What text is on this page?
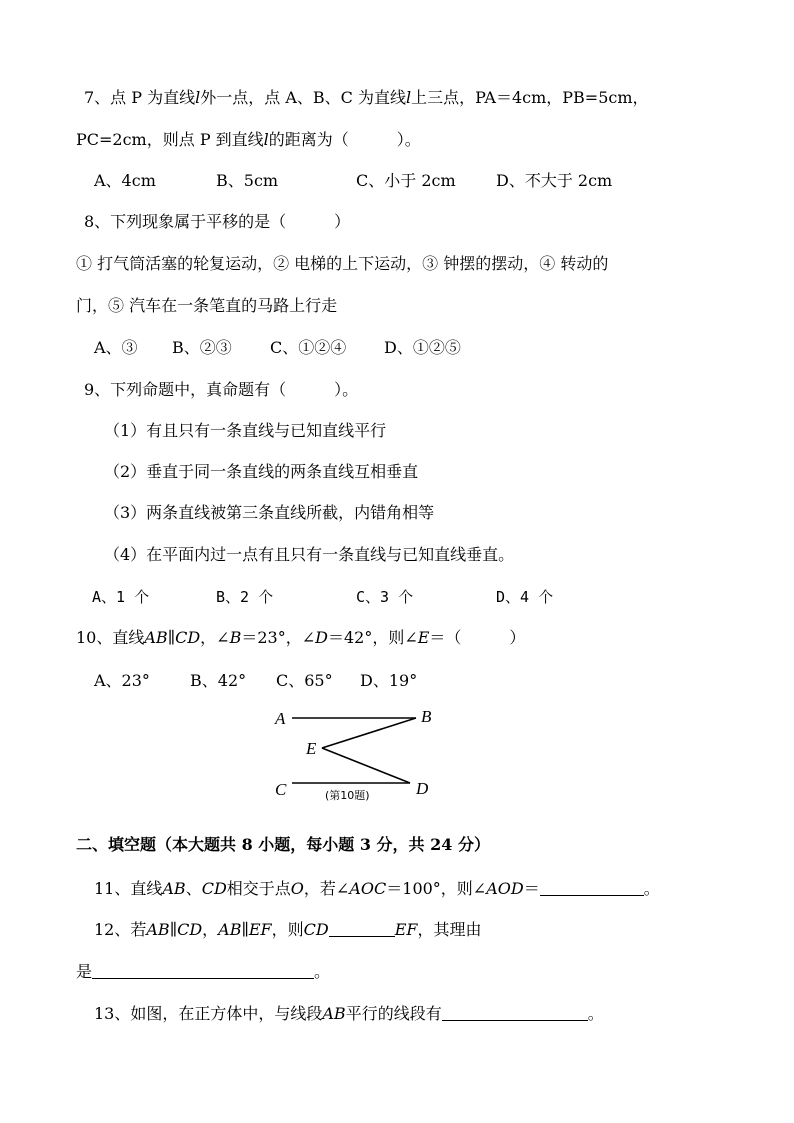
7、点 P 为直线l外一点，点 A、B、C 为直线l上三点，PA＝4cm，PB=5cm，
PC=2cm，则点 P 到直线l的距离为（　　　）。
A、4cm	B、5cm	C、小于 2cm	D、不大于 2cm
8、下列现象属于平移的是（　　　）
① 打气筒活塞的轮复运动，② 电梯的上下运动，③ 钟摆的摆动，④ 转动的
门，⑤ 汽车在一条笔直的马路上行走
A、③ B、②③ C、①②④ D、①②⑤
9、下列命题中，真命题有（　　　）。
（1）有且只有一条直线与已知直线平行
（2）垂直于同一条直线的两条直线互相垂直
（3）两条直线被第三条直线所截，内错角相等
（4）在平面内过一点有且只有一条直线与已知直线垂直。
A、1 个	B、2 个	C、3 个	D、4 个
10、直线AB∥CD，∠B＝23°，∠D＝42°，则∠E＝（　　　）
A、23°	B、42° C、65° D、19°
A	B
E
C	D
(第10题)
二、填空题（本大题共 8 小题，每小题 3 分，共 24 分）
11、直线AB、CD相交于点O，若∠AOC＝100°，则∠AOD＝	。
12、若AB∥CD，AB∥EF，则CD	EF，其理由
是	。
13、如图，在正方体中，与线段AB平行的线段有	。
